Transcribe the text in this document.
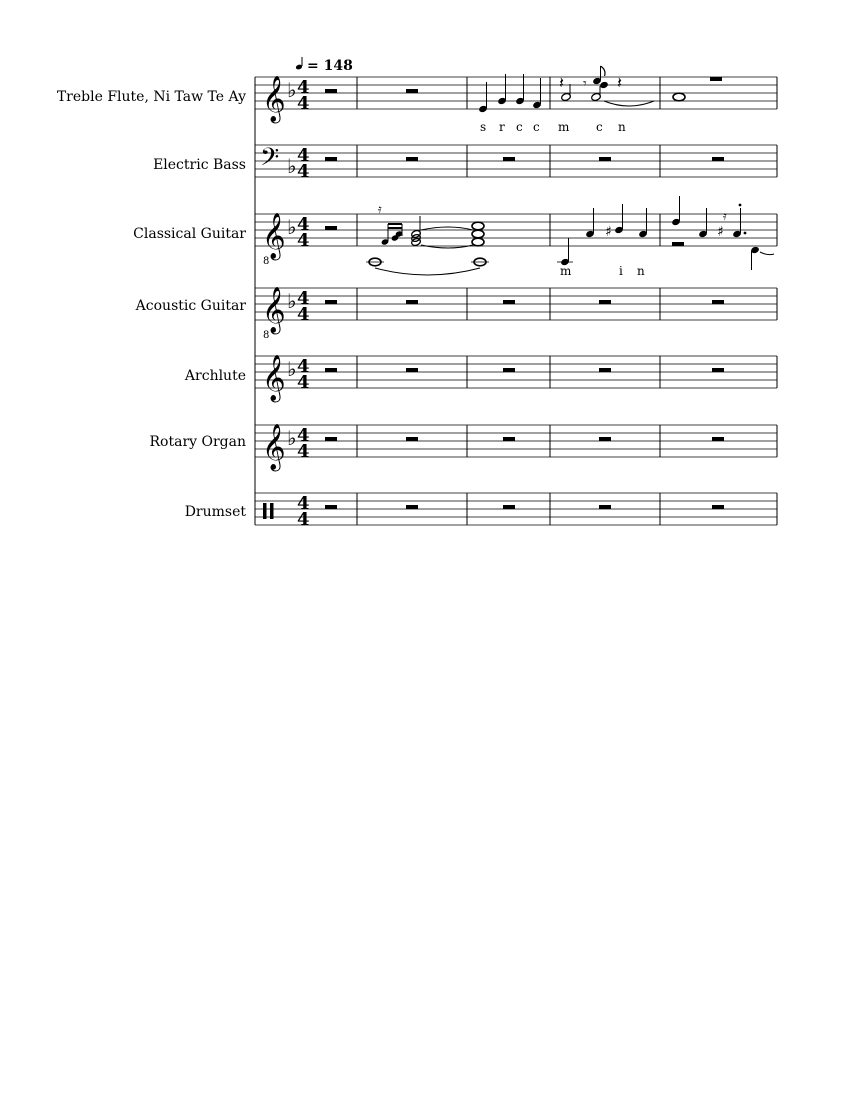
= 148
Treble Flute, Ni Taw Te Ay 𝄞 ♭ 4
4
𝄽 𝄾 𝄽
s r c c m c n
Electric Bass 𝄢 ♭ 4
4
Classical Guitar 𝄞
8
♭ 4
4
𝄿
♯	♯
𝄿
m	i n
Acoustic Guitar 𝄞
8
♭ 4
4
Archlute 𝄞 ♭ 4
4
Rotary Organ 𝄞 ♭ 4
4
Drumset	4
4
